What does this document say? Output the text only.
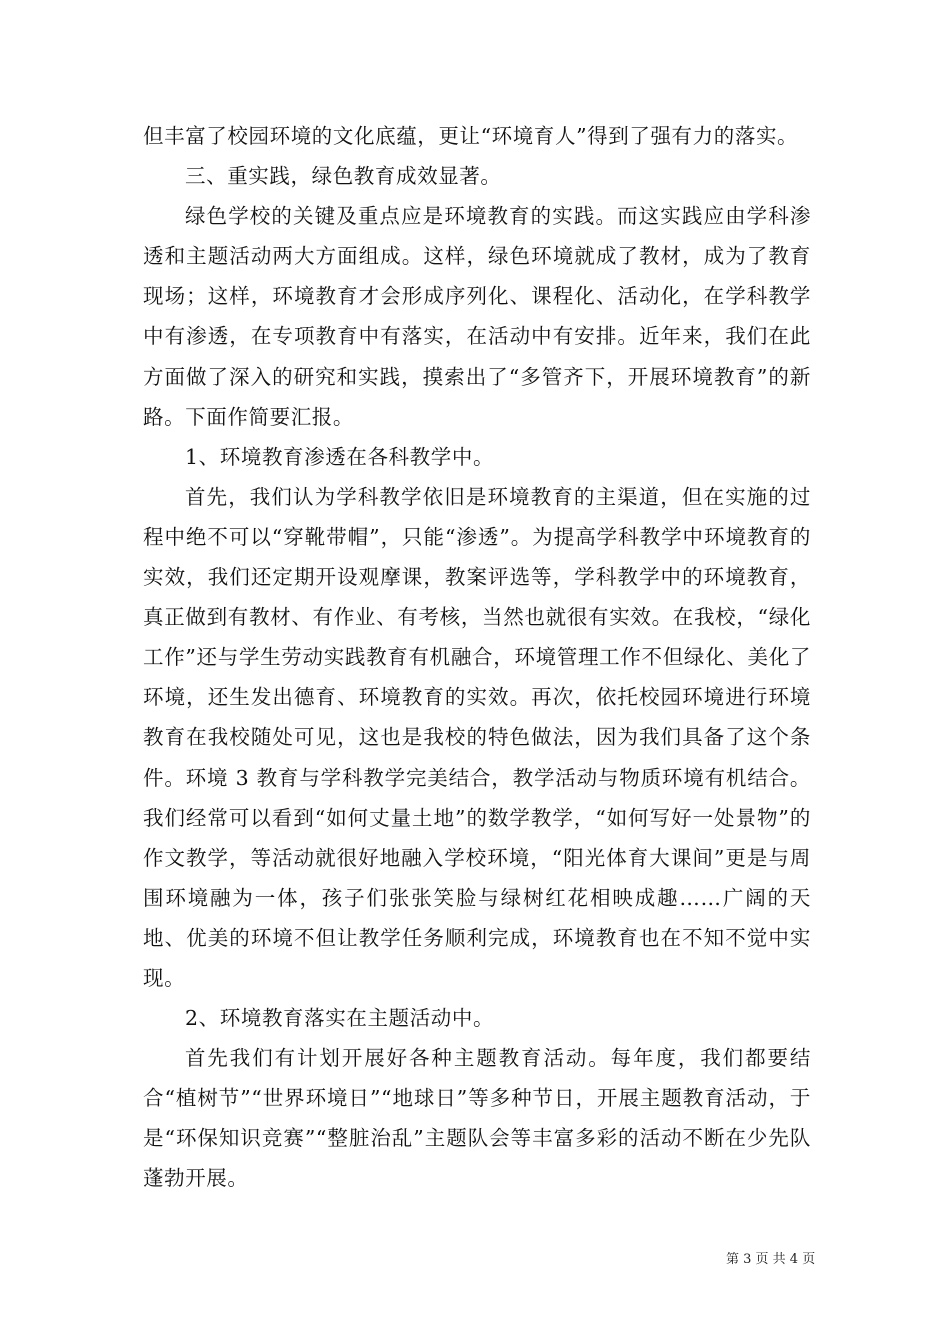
但丰富了校园环境的文化底蕴，更让“环境育人”得到了强有力的落实。

三、重实践，绿色教育成效显著。

绿色学校的关键及重点应是环境教育的实践。而这实践应由学科渗透和主题活动两大方面组成。这样，绿色环境就成了教材，成为了教育现场；这样，环境教育才会形成序列化、课程化、活动化，在学科教学中有渗透，在专项教育中有落实，在活动中有安排。近年来，我们在此方面做了深入的研究和实践，摸索出了“多管齐下，开展环境教育”的新路。下面作简要汇报。

1、环境教育渗透在各科教学中。

首先，我们认为学科教学依旧是环境教育的主渠道，但在实施的过程中绝不可以“穿靴带帽”，只能“渗透”。为提高学科教学中环境教育的实效，我们还定期开设观摩课，教案评选等，学科教学中的环境教育，真正做到有教材、有作业、有考核，当然也就很有实效。在我校，“绿化工作”还与学生劳动实践教育有机融合，环境管理工作不但绿化、美化了环境，还生发出德育、环境教育的实效。再次，依托校园环境进行环境教育在我校随处可见，这也是我校的特色做法，因为我们具备了这个条件。环境 3 教育与学科教学完美结合，教学活动与物质环境有机结合。我们经常可以看到“如何丈量土地”的数学教学，“如何写好一处景物”的作文教学，等活动就很好地融入学校环境，“阳光体育大课间”更是与周围环境融为一体，孩子们张张笑脸与绿树红花相映成趣……广阔的天地、优美的环境不但让教学任务顺利完成，环境教育也在不知不觉中实现。

2、环境教育落实在主题活动中。

首先我们有计划开展好各种主题教育活动。每年度，我们都要结合“植树节”“世界环境日”“地球日”等多种节日，开展主题教育活动，于是“环保知识竞赛”“整脏治乱”主题队会等丰富多彩的活动不断在少先队蓬勃开展。

第 3 页 共 4 页
